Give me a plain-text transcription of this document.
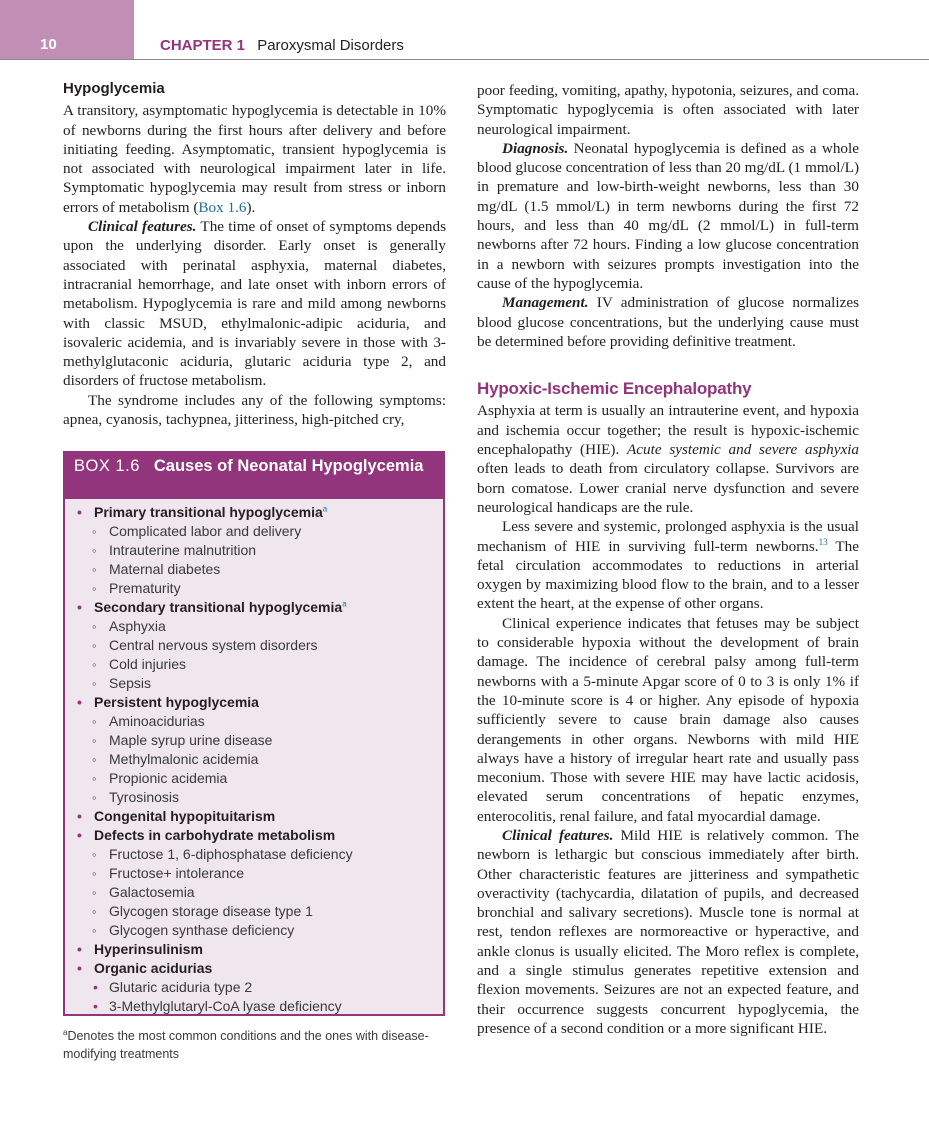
10	CHAPTER 1 Paroxysmal Disorders
Hypoglycemia

A transitory, asymptomatic hypoglycemia is detectable in 10% of newborns during the first hours after delivery and before initiating feeding. Asymptomatic, transient hypoglycemia is not associated with neurological impairment later in life. Symptomatic hypoglycemia may result from stress or inborn errors of metabolism (Box 1.6).

Clinical features. The time of onset of symptoms depends upon the underlying disorder. Early onset is generally associated with perinatal asphyxia, maternal diabetes, intracranial hemorrhage, and late onset with inborn errors of metabolism. Hypoglycemia is rare and mild among newborns with classic MSUD, ethylmalonic-adipic aciduria, and isovaleric acidemia, and is invariably severe in those with 3-methylglutaconic aciduria, glutaric aciduria type 2, and disorders of fructose metabolism.

The syndrome includes any of the following symptoms: apnea, cyanosis, tachypnea, jitteriness, high-pitched cry,

BOX 1.6 Causes of Neonatal Hypoglycemia
• Primary transitional hypoglycemia$^a$
◦ Complicated labor and delivery
◦ Intrauterine malnutrition
◦ Maternal diabetes
◦ Prematurity
• Secondary transitional hypoglycemia$^a$
◦ Asphyxia
◦ Central nervous system disorders
◦ Cold injuries
◦ Sepsis
• Persistent hypoglycemia
◦ Aminoacidurias
◦ Maple syrup urine disease
◦ Methylmalonic acidemia
◦ Propionic acidemia
◦ Tyrosinosis
• Congenital hypopituitarism
• Defects in carbohydrate metabolism
◦ Fructose 1, 6-diphosphatase deficiency
◦ Fructose+ intolerance
◦ Galactosemia
◦ Glycogen storage disease type 1
◦ Glycogen synthase deficiency
• Hyperinsulinism
• Organic acidurias
• Glutaric aciduria type 2
• 3-Methylglutaryl-CoA lyase deficiency
$^a$Denotes the most common conditions and the ones with disease-modifying treatments

poor feeding, vomiting, apathy, hypotonia, seizures, and coma. Symptomatic hypoglycemia is often associated with later neurological impairment.

Diagnosis. Neonatal hypoglycemia is defined as a whole blood glucose concentration of less than 20 mg/dL (1 mmol/L) in premature and low-birth-weight newborns, less than 30 mg/dL (1.5 mmol/L) in term newborns during the first 72 hours, and less than 40 mg/dL (2 mmol/L) in full-term newborns after 72 hours. Finding a low glucose concentration in a newborn with seizures prompts investigation into the cause of the hypoglycemia.

Management. IV administration of glucose normalizes blood glucose concentrations, but the underlying cause must be determined before providing definitive treatment.

Hypoxic-Ischemic Encephalopathy

Asphyxia at term is usually an intrauterine event, and hypoxia and ischemia occur together; the result is hypoxic-ischemic encephalopathy (HIE). Acute systemic and severe asphyxia often leads to death from circulatory collapse. Survivors are born comatose. Lower cranial nerve dysfunction and severe neurological handicaps are the rule.

Less severe and systemic, prolonged asphyxia is the usual mechanism of HIE in surviving full-term newborns.$^{13}$ The fetal circulation accommodates to reductions in arterial oxygen by maximizing blood flow to the brain, and to a lesser extent the heart, at the expense of other organs.

Clinical experience indicates that fetuses may be subject to considerable hypoxia without the development of brain damage. The incidence of cerebral palsy among full-term newborns with a 5-minute Apgar score of 0 to 3 is only 1% if the 10-minute score is 4 or higher. Any episode of hypoxia sufficiently severe to cause brain damage also causes derangements in other organs. Newborns with mild HIE always have a history of irregular heart rate and usually pass meconium. Those with severe HIE may have lactic acidosis, elevated serum concentrations of hepatic enzymes, enterocolitis, renal failure, and fatal myocardial damage.

Clinical features. Mild HIE is relatively common. The newborn is lethargic but conscious immediately after birth. Other characteristic features are jitteriness and sympathetic overactivity (tachycardia, dilatation of pupils, and decreased bronchial and salivary secretions). Muscle tone is normal at rest, tendon reflexes are normoreactive or hyperactive, and ankle clonus is usually elicited. The Moro reflex is complete, and a single stimulus generates repetitive extension and flexion movements. Seizures are not an expected feature, and their occurrence suggests concurrent hypoglycemia, the presence of a second condition or a more significant HIE.
